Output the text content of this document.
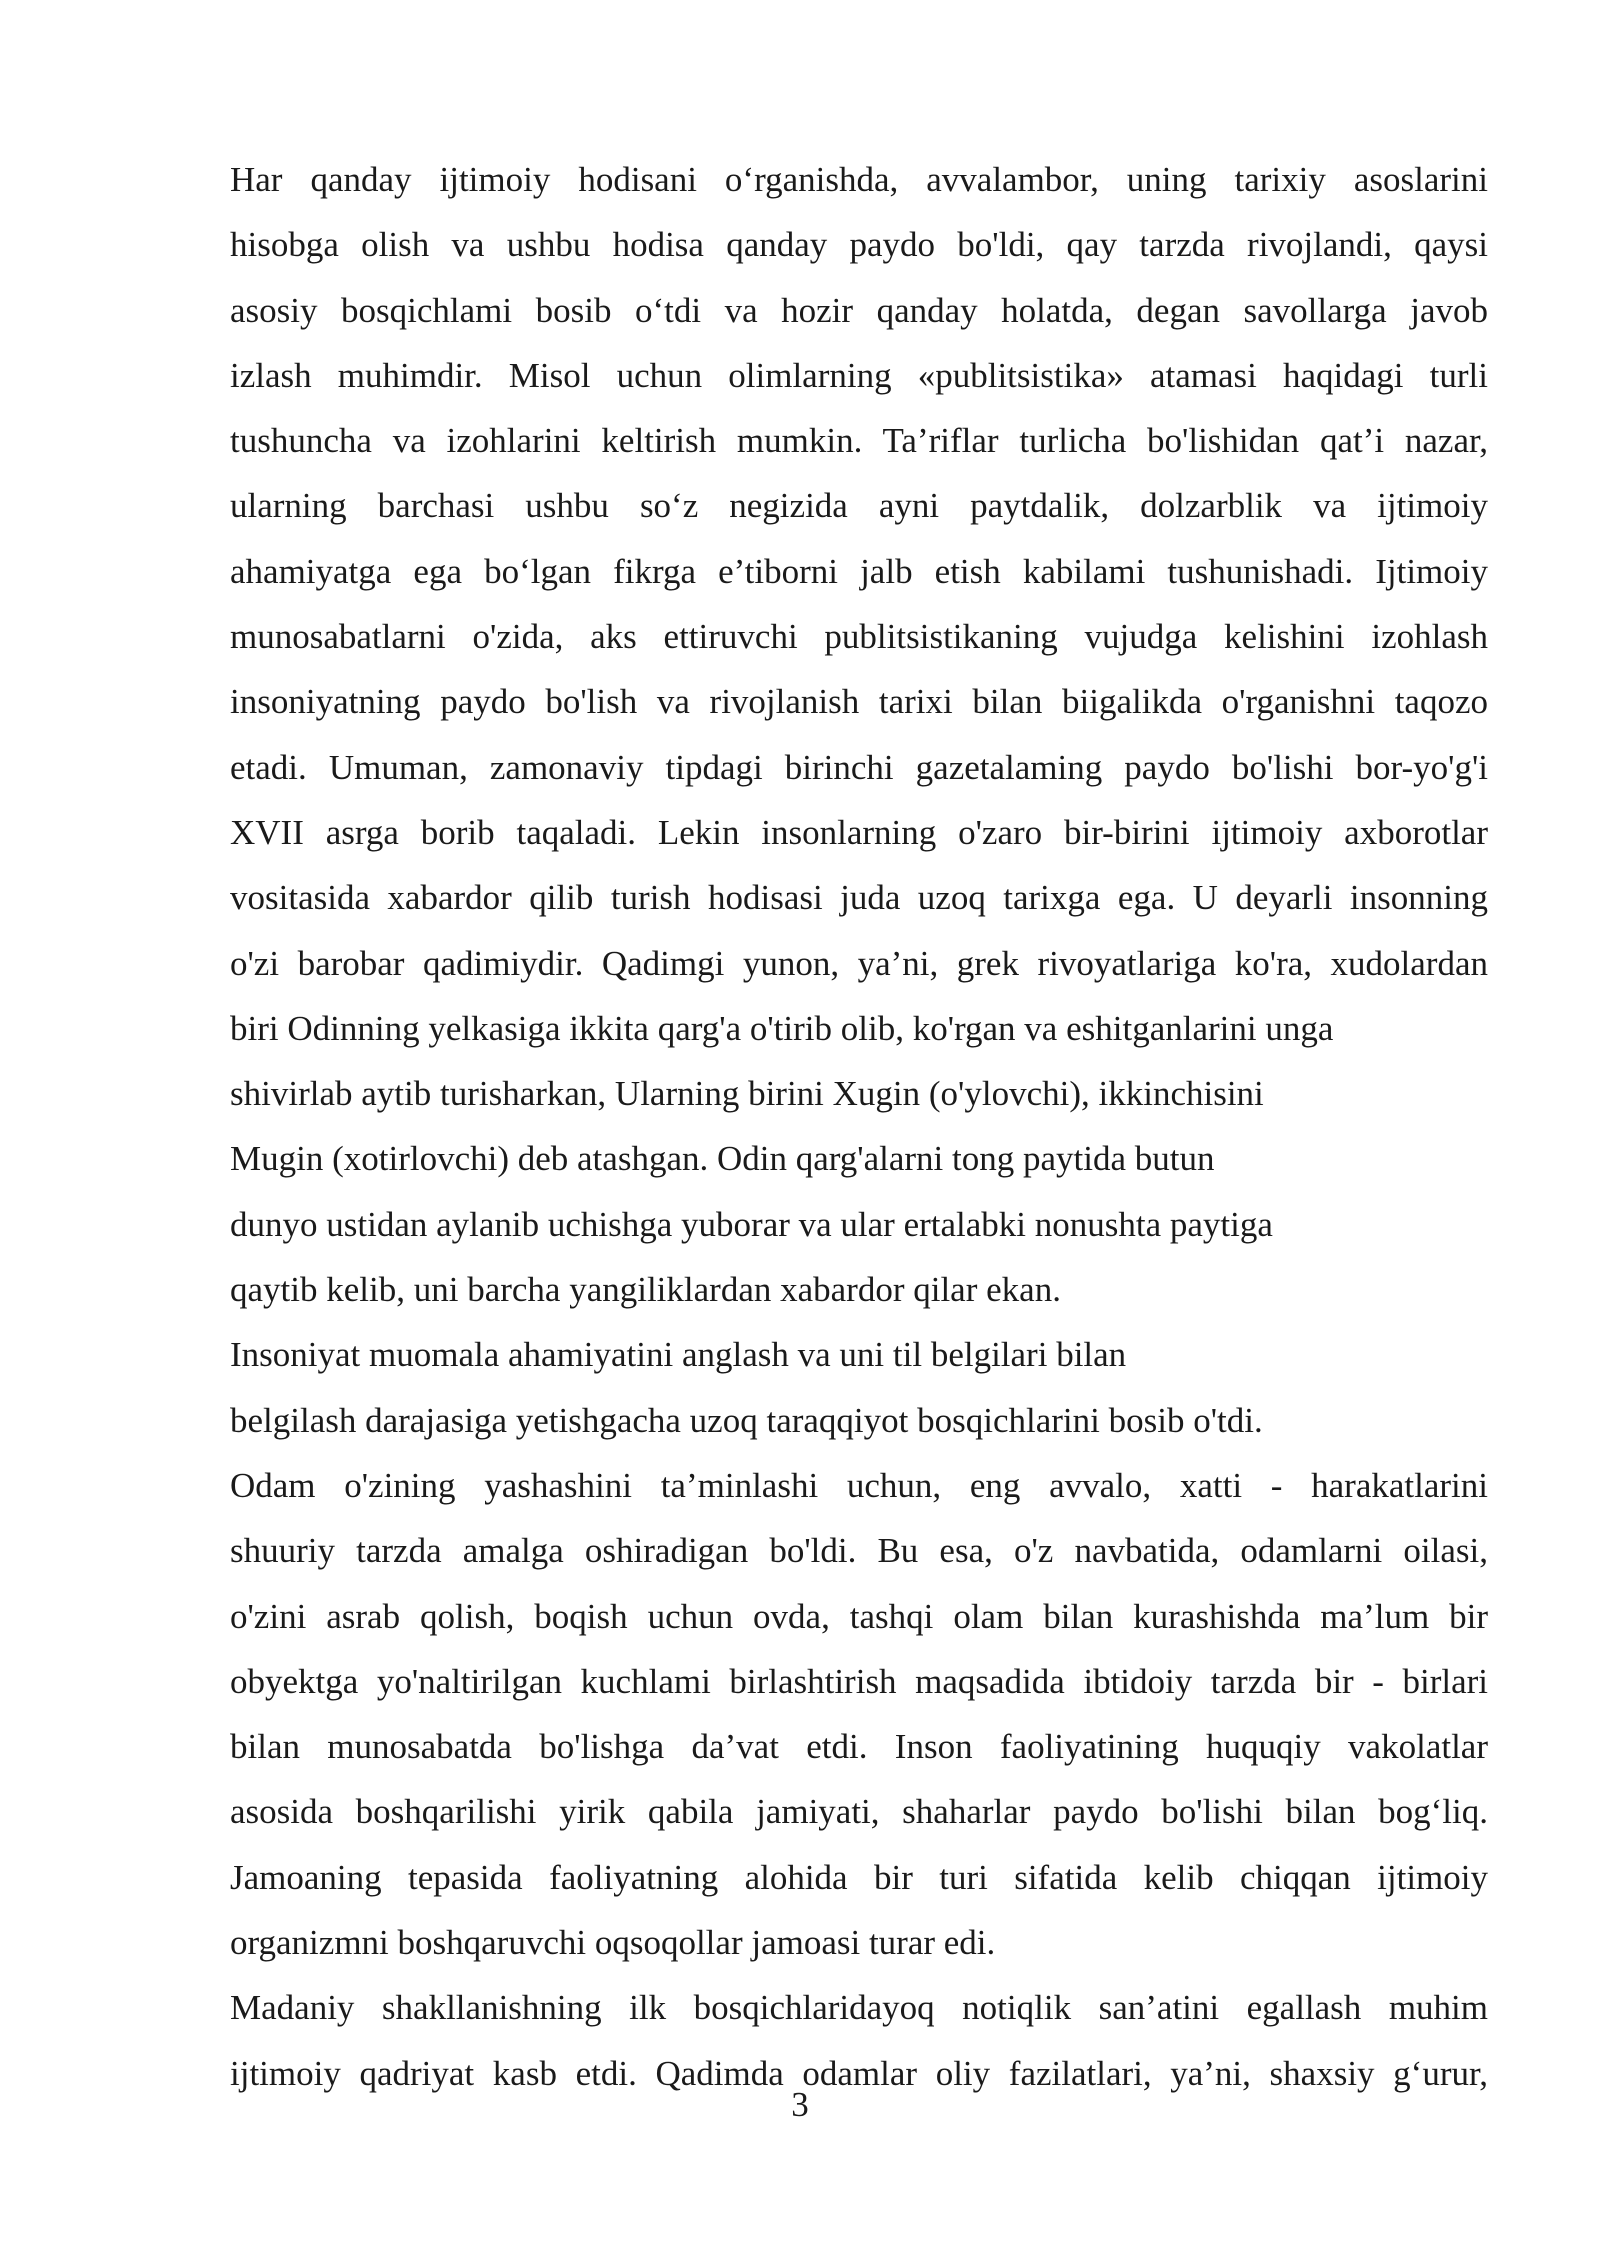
Har qanday ijtimoiy hodisani o‘rganishda, avvalambor, uning tarixiy asoslarini
hisobga olish va ushbu hodisa qanday paydo bo'ldi, qay tarzda rivojlandi, qaysi
asosiy bosqichlami bosib o‘tdi va hozir qanday holatda, degan savollarga javob
izlash muhimdir. Misol uchun olimlarning «publitsistika» atamasi haqidagi turli
tushuncha va izohlarini keltirish mumkin. Ta’riflar turlicha bo'lishidan qat’i nazar,
ularning barchasi ushbu so‘z negizida ayni paytdalik, dolzarblik va ijtimoiy
ahamiyatga ega bo‘lgan fikrga e’tiborni jalb etish kabilami tushunishadi. Ijtimoiy
munosabatlarni o'zida, aks ettiruvchi publitsistikaning vujudga kelishini izohlash
insoniyatning paydo bo'lish va rivojlanish tarixi bilan biigalikda o'rganishni taqozo
etadi. Umuman, zamonaviy tipdagi birinchi gazetalaming paydo bo'lishi bor-yo'g'i
XVII asrga borib taqaladi. Lekin insonlarning o'zaro bir-birini ijtimoiy axborotlar
vositasida xabardor qilib turish hodisasi juda uzoq tarixga ega. U deyarli insonning
o'zi barobar qadimiydir. Qadimgi yunon, ya’ni, grek rivoyatlariga ko'ra, xudolardan
biri Odinning yelkasiga ikkita qarg'a o'tirib olib, ko'rgan va eshitganlarini unga
shivirlab aytib turisharkan, Ularning birini Xugin (o'ylovchi), ikkinchisini
Mugin (xotirlovchi) deb atashgan. Odin qarg'alarni tong paytida butun
dunyo ustidan aylanib uchishga yuborar va ular ertalabki nonushta paytiga
qaytib kelib, uni barcha yangiliklardan xabardor qilar ekan.
Insoniyat muomala ahamiyatini anglash va uni til belgilari bilan
belgilash darajasiga yetishgacha uzoq taraqqiyot bosqichlarini bosib o'tdi.
Odam o'zining yashashini ta’minlashi uchun, eng avvalo, xatti - harakatlarini
shuuriy tarzda amalga oshiradigan bo'ldi. Bu esa, o'z navbatida, odamlarni oilasi,
o'zini asrab qolish, boqish uchun ovda, tashqi olam bilan kurashishda ma’lum bir
obyektga yo'naltirilgan kuchlami birlashtirish maqsadida ibtidoiy tarzda bir - birlari
bilan munosabatda bo'lishga da’vat etdi. Inson faoliyatining huquqiy vakolatlar
asosida boshqarilishi yirik qabila jamiyati, shaharlar paydo bo'lishi bilan bog‘liq.
Jamoaning tepasida faoliyatning alohida bir turi sifatida kelib chiqqan ijtimoiy
organizmni boshqaruvchi oqsoqollar jamoasi turar edi.
Madaniy shakllanishning ilk bosqichlaridayoq notiqlik san’atini egallash muhim
ijtimoiy qadriyat kasb etdi. Qadimda odamlar oliy fazilatlari, ya’ni, shaxsiy g‘urur,
3
